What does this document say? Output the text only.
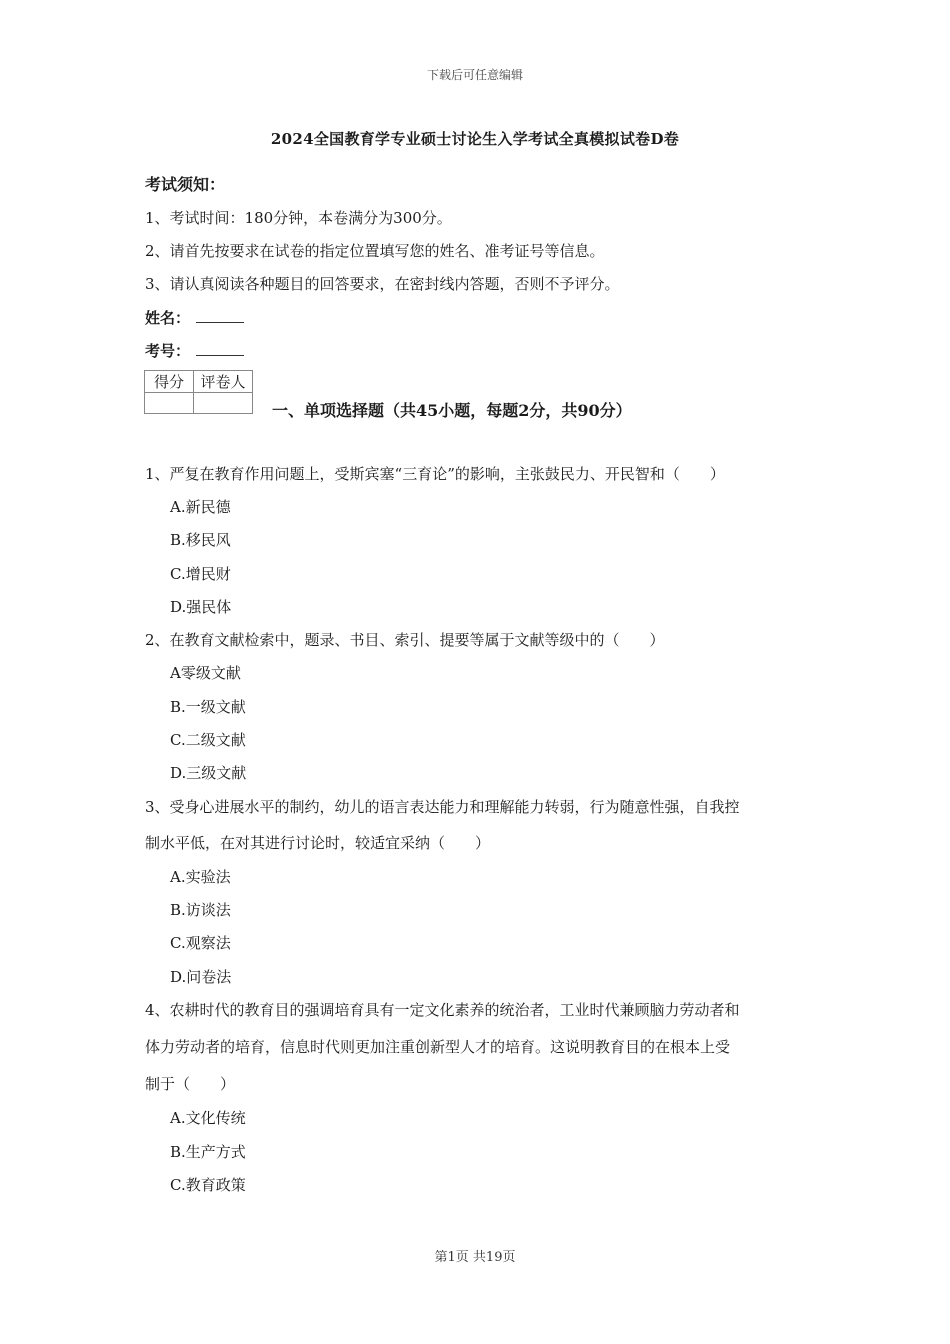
下载后可任意编辑
2024全国教育学专业硕士讨论生入学考试全真模拟试卷D卷
考试须知：
1、考试时间：180分钟，本卷满分为300分。
2、请首先按要求在试卷的指定位置填写您的姓名、准考证号等信息。
3、请认真阅读各种题目的回答要求，在密封线内答题，否则不予评分。
姓名：
考号：
得分	评卷人

一、单项选择题（共45小题，每题2分，共90分）
1、严复在教育作用问题上，受斯宾塞“三育论”的影响，主张鼓民力、开民智和（　　）
A.新民德
B.移民风
C.增民财
D.强民体
2、在教育文献检索中，题录、书目、索引、提要等属于文献等级中的（　　）
A零级文献
B.一级文献
C.二级文献
D.三级文献
3、受身心进展水平的制约，幼儿的语言表达能力和理解能力转弱，行为随意性强，自我控
制水平低，在对其进行讨论时，较适宜采纳（　　）
A.实验法
B.访谈法
C.观察法
D.问卷法
4、农耕时代的教育目的强调培育具有一定文化素养的统治者，工业时代兼顾脑力劳动者和
体力劳动者的培育，信息时代则更加注重创新型人才的培育。这说明教育目的在根本上受
制于（　　）
A.文化传统
B.生产方式
C.教育政策
第1页 共19页
